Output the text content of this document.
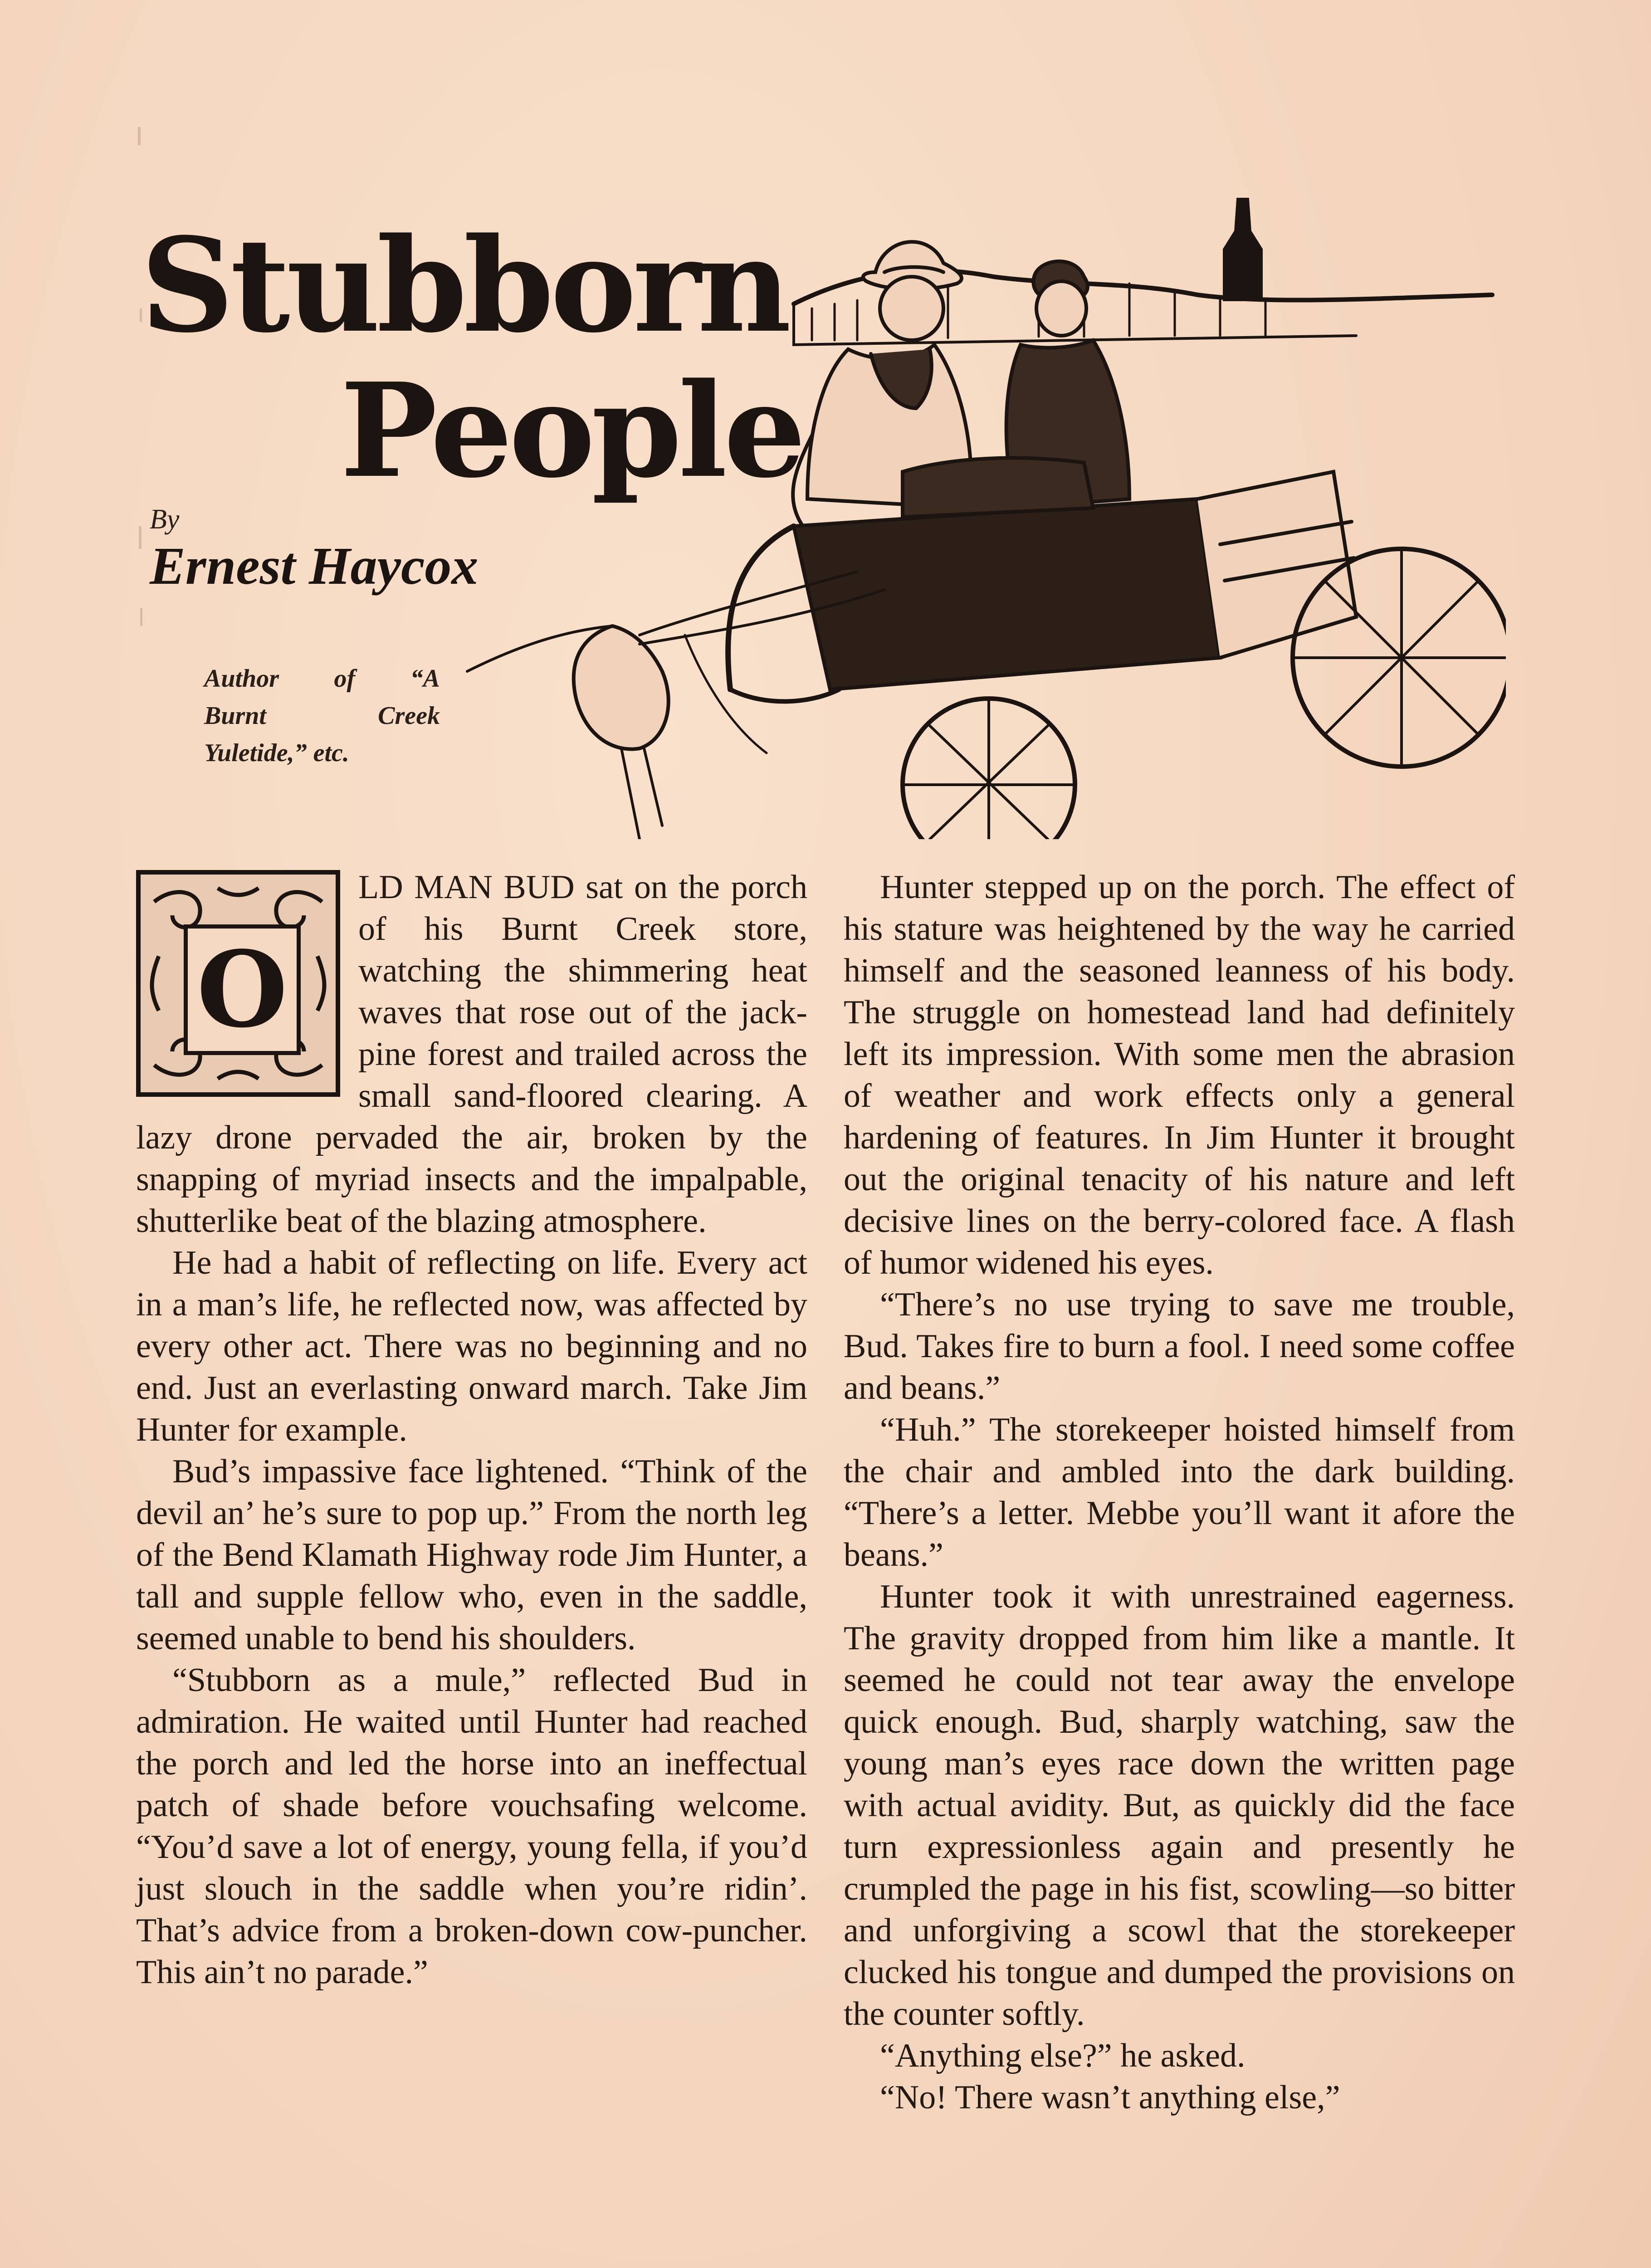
Stubborn
People
By
Ernest Haycox
Author of “A
Burnt Creek
Yuletide,” etc.
O

LD MAN BUD sat on the porch of his Burnt Creek store, watching the shimmering heat waves that rose out of the jack-pine forest and trailed across the small sand-floored clearing. A lazy drone pervaded the air, broken by the snapping of myriad insects and the impalpable, shutterlike beat of the blazing atmosphere.

He had a habit of reflecting on life. Every act in a man’s life, he reflected now, was affected by every other act. There was no beginning and no end. Just an everlasting onward march. Take Jim Hunter for example.

Bud’s impassive face lightened. “Think of the devil an’ he’s sure to pop up.” From the north leg of the Bend Klamath Highway rode Jim Hunter, a tall and supple fellow who, even in the saddle, seemed unable to bend his shoulders.

“Stubborn as a mule,” reflected Bud in admiration. He waited until Hunter had reached the porch and led the horse into an ineffectual patch of shade before vouchsafing welcome. “You’d save a lot of energy, young fella, if you’d just slouch in the saddle when you’re ridin’. That’s advice from a broken-down cow-puncher. This ain’t no parade.”

Hunter stepped up on the porch. The effect of his stature was heightened by the way he carried himself and the seasoned leanness of his body. The struggle on homestead land had definitely left its impression. With some men the abrasion of weather and work effects only a general hardening of features. In Jim Hunter it brought out the original tenacity of his nature and left decisive lines on the berry-colored face. A flash of humor widened his eyes.

“There’s no use trying to save me trouble, Bud. Takes fire to burn a fool. I need some coffee and beans.”

“Huh.” The storekeeper hoisted himself from the chair and ambled into the dark building. “There’s a letter. Mebbe you’ll want it afore the beans.”

Hunter took it with unrestrained eagerness. The gravity dropped from him like a mantle. It seemed he could not tear away the envelope quick enough. Bud, sharply watching, saw the young man’s eyes race down the written page with actual avidity. But, as quickly did the face turn expressionless again and presently he crumpled the page in his fist, scowling—so bitter and unforgiving a scowl that the storekeeper clucked his tongue and dumped the provisions on the counter softly.

“Anything else?” he asked.

“No! There wasn’t anything else,”
